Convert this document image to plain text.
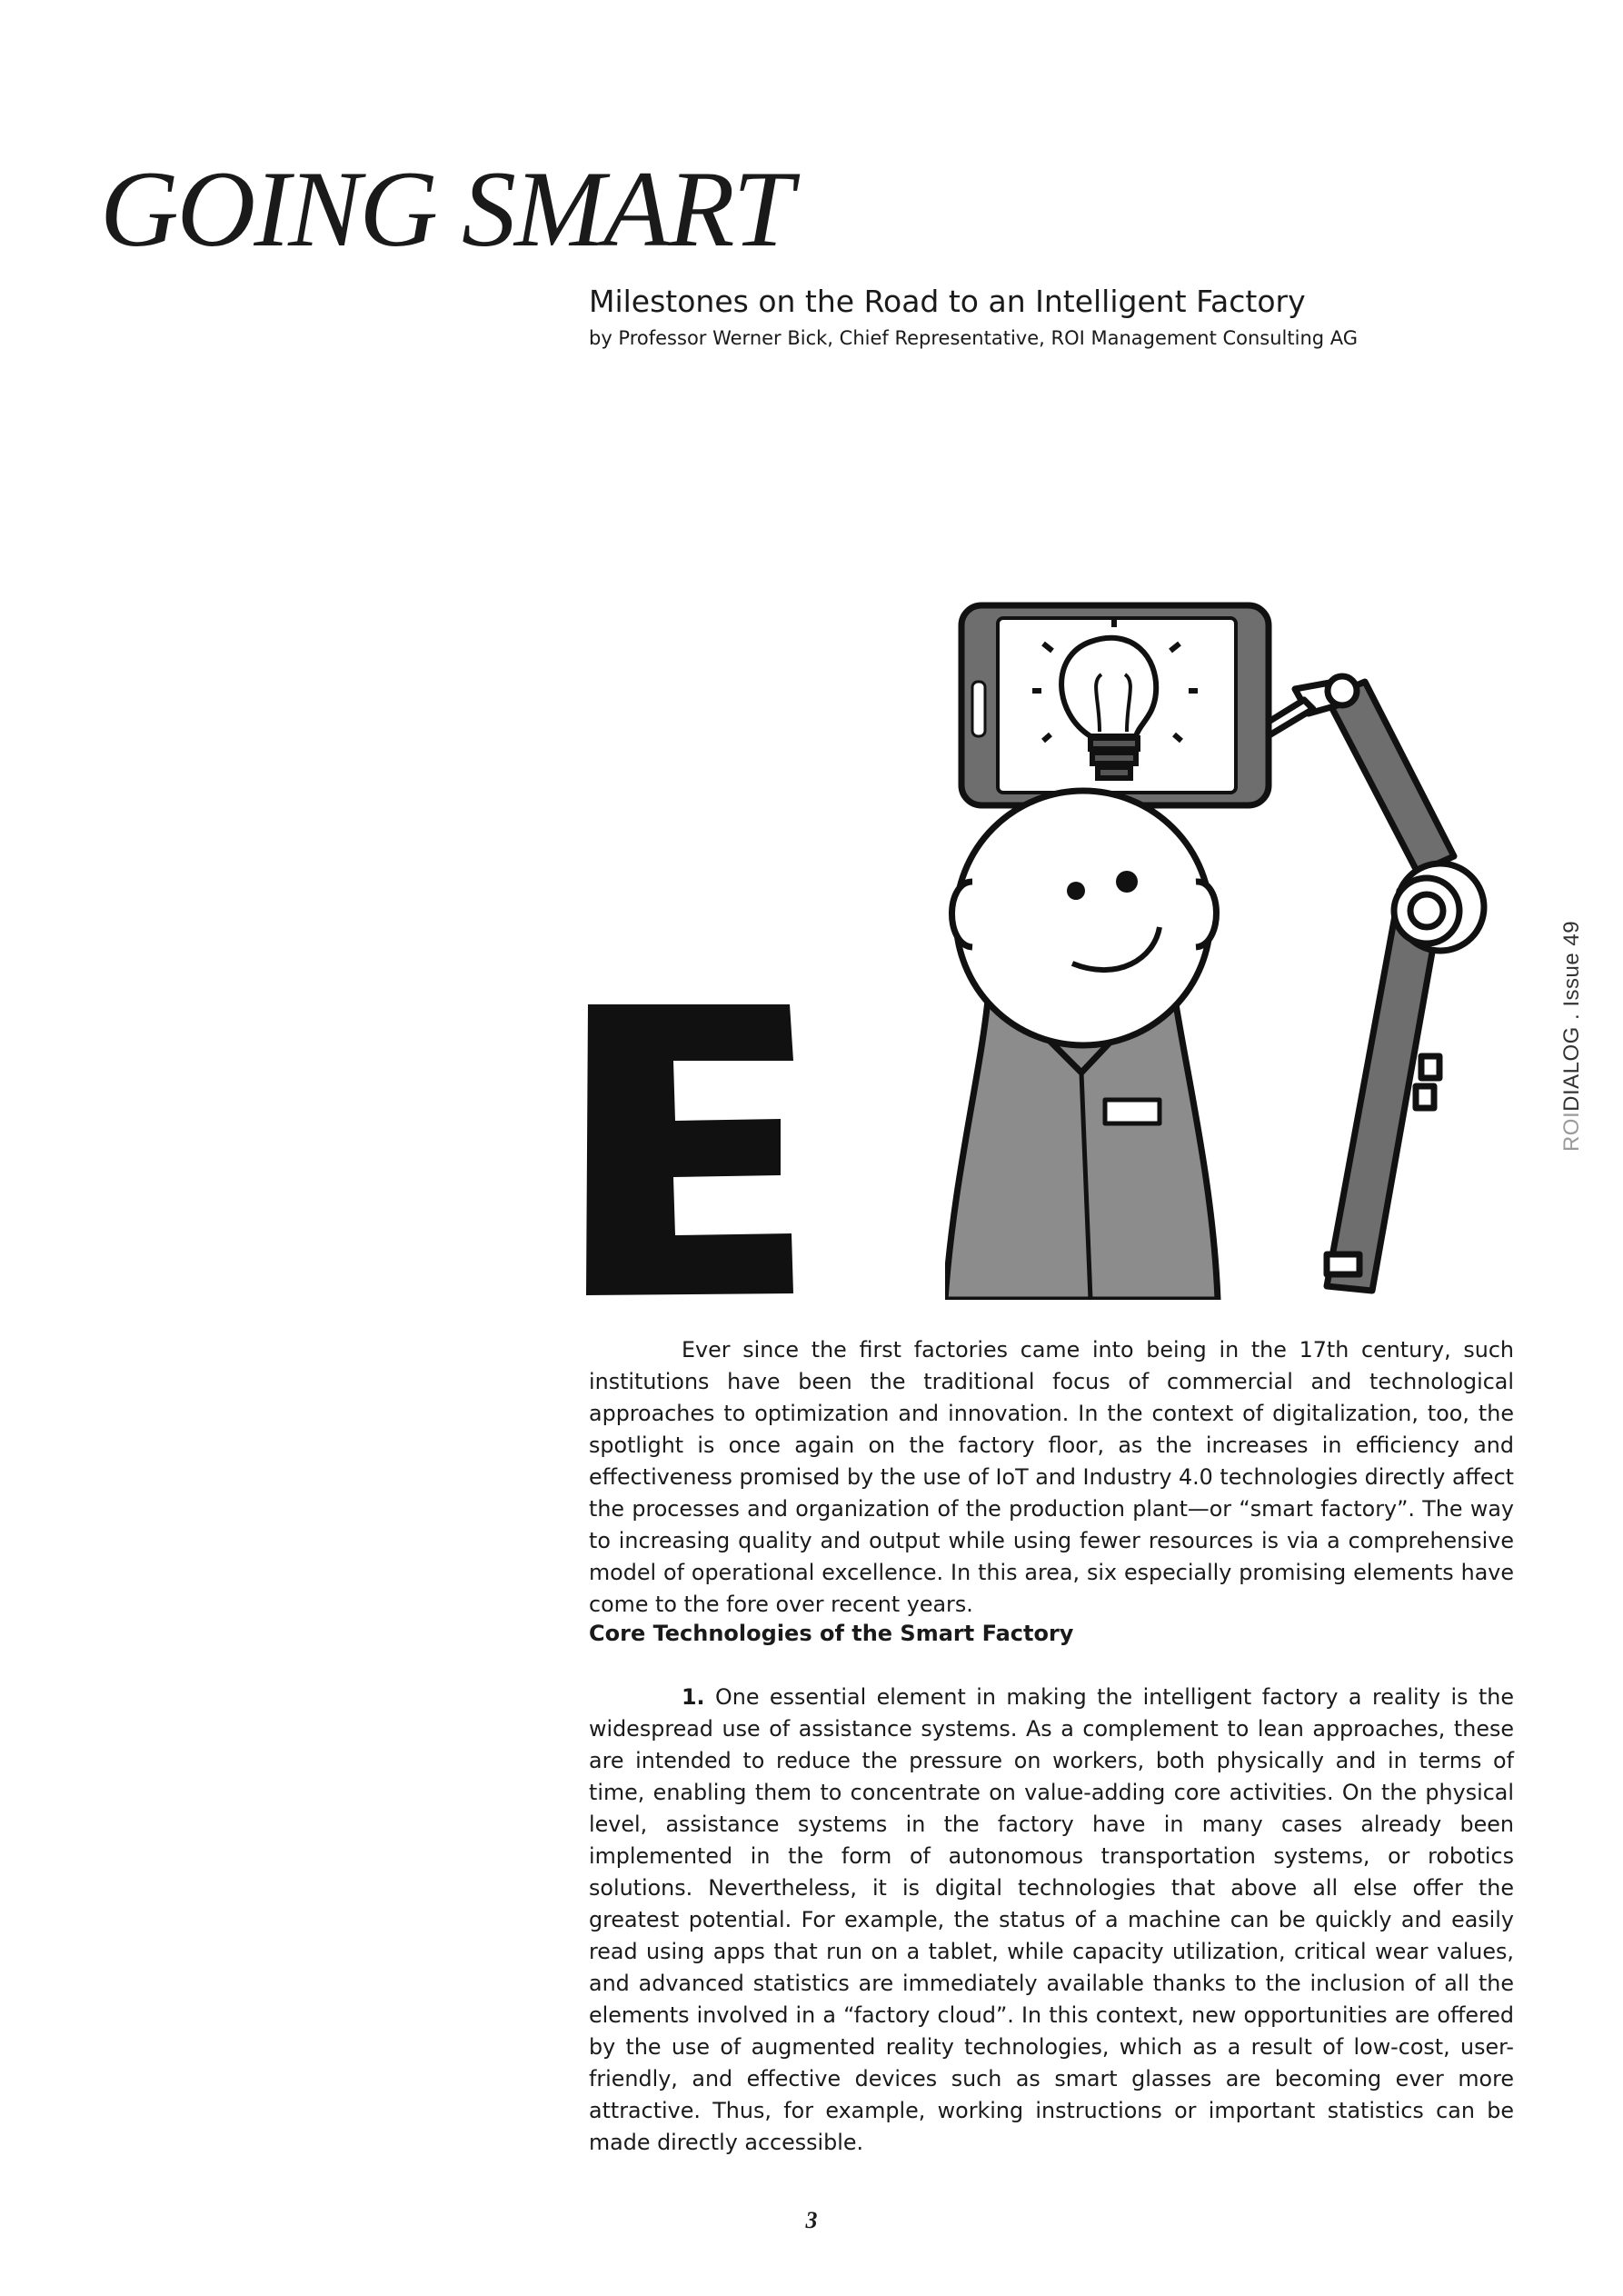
GOING SMART
Milestones on the Road to an Intelligent Factory
by Professor Werner Bick, Chief Representative, ROI Management Consulting AG
ROIDIALOG . Issue 49

Ever since the first factories came into being in the 17th century, such institutions have been the traditional focus of commercial and technological approaches to optimization and innovation. In the context of digitalization, too, the spotlight is once again on the factory floor, as the increases in efficiency and effectiveness promised by the use of IoT and Industry 4.0 technologies directly affect the processes and organization of the production plant—or “smart factory”. The way to increasing quality and output while using fewer resources is via a comprehensive model of operational excellence. In this area, six especially promising elements have come to the fore over recent years.

Core Technologies of the Smart Factory

1. One essential element in making the intelligent factory a reality is the widespread use of assistance systems. As a complement to lean approaches, these are intended to reduce the pressure on workers, both physically and in terms of time, enabling them to concentrate on value-adding core activities. On the physical level, assistance systems in the factory have in many cases already been implemented in the form of autonomous transportation systems, or robotics solutions. Nevertheless, it is digital technologies that above all else offer the greatest potential. For example, the status of a machine can be quickly and easily read using apps that run on a tablet, while capacity utilization, critical wear values, and advanced statistics are immediately available thanks to the inclusion of all the elements involved in a “factory cloud”. In this context, new opportunities are offered by the use of augmented reality technologies, which as a result of low-cost, user-friendly, and effective devices such as smart glasses are becoming ever more attractive. Thus, for example, working instructions or important statistics can be made directly accessible.

3
